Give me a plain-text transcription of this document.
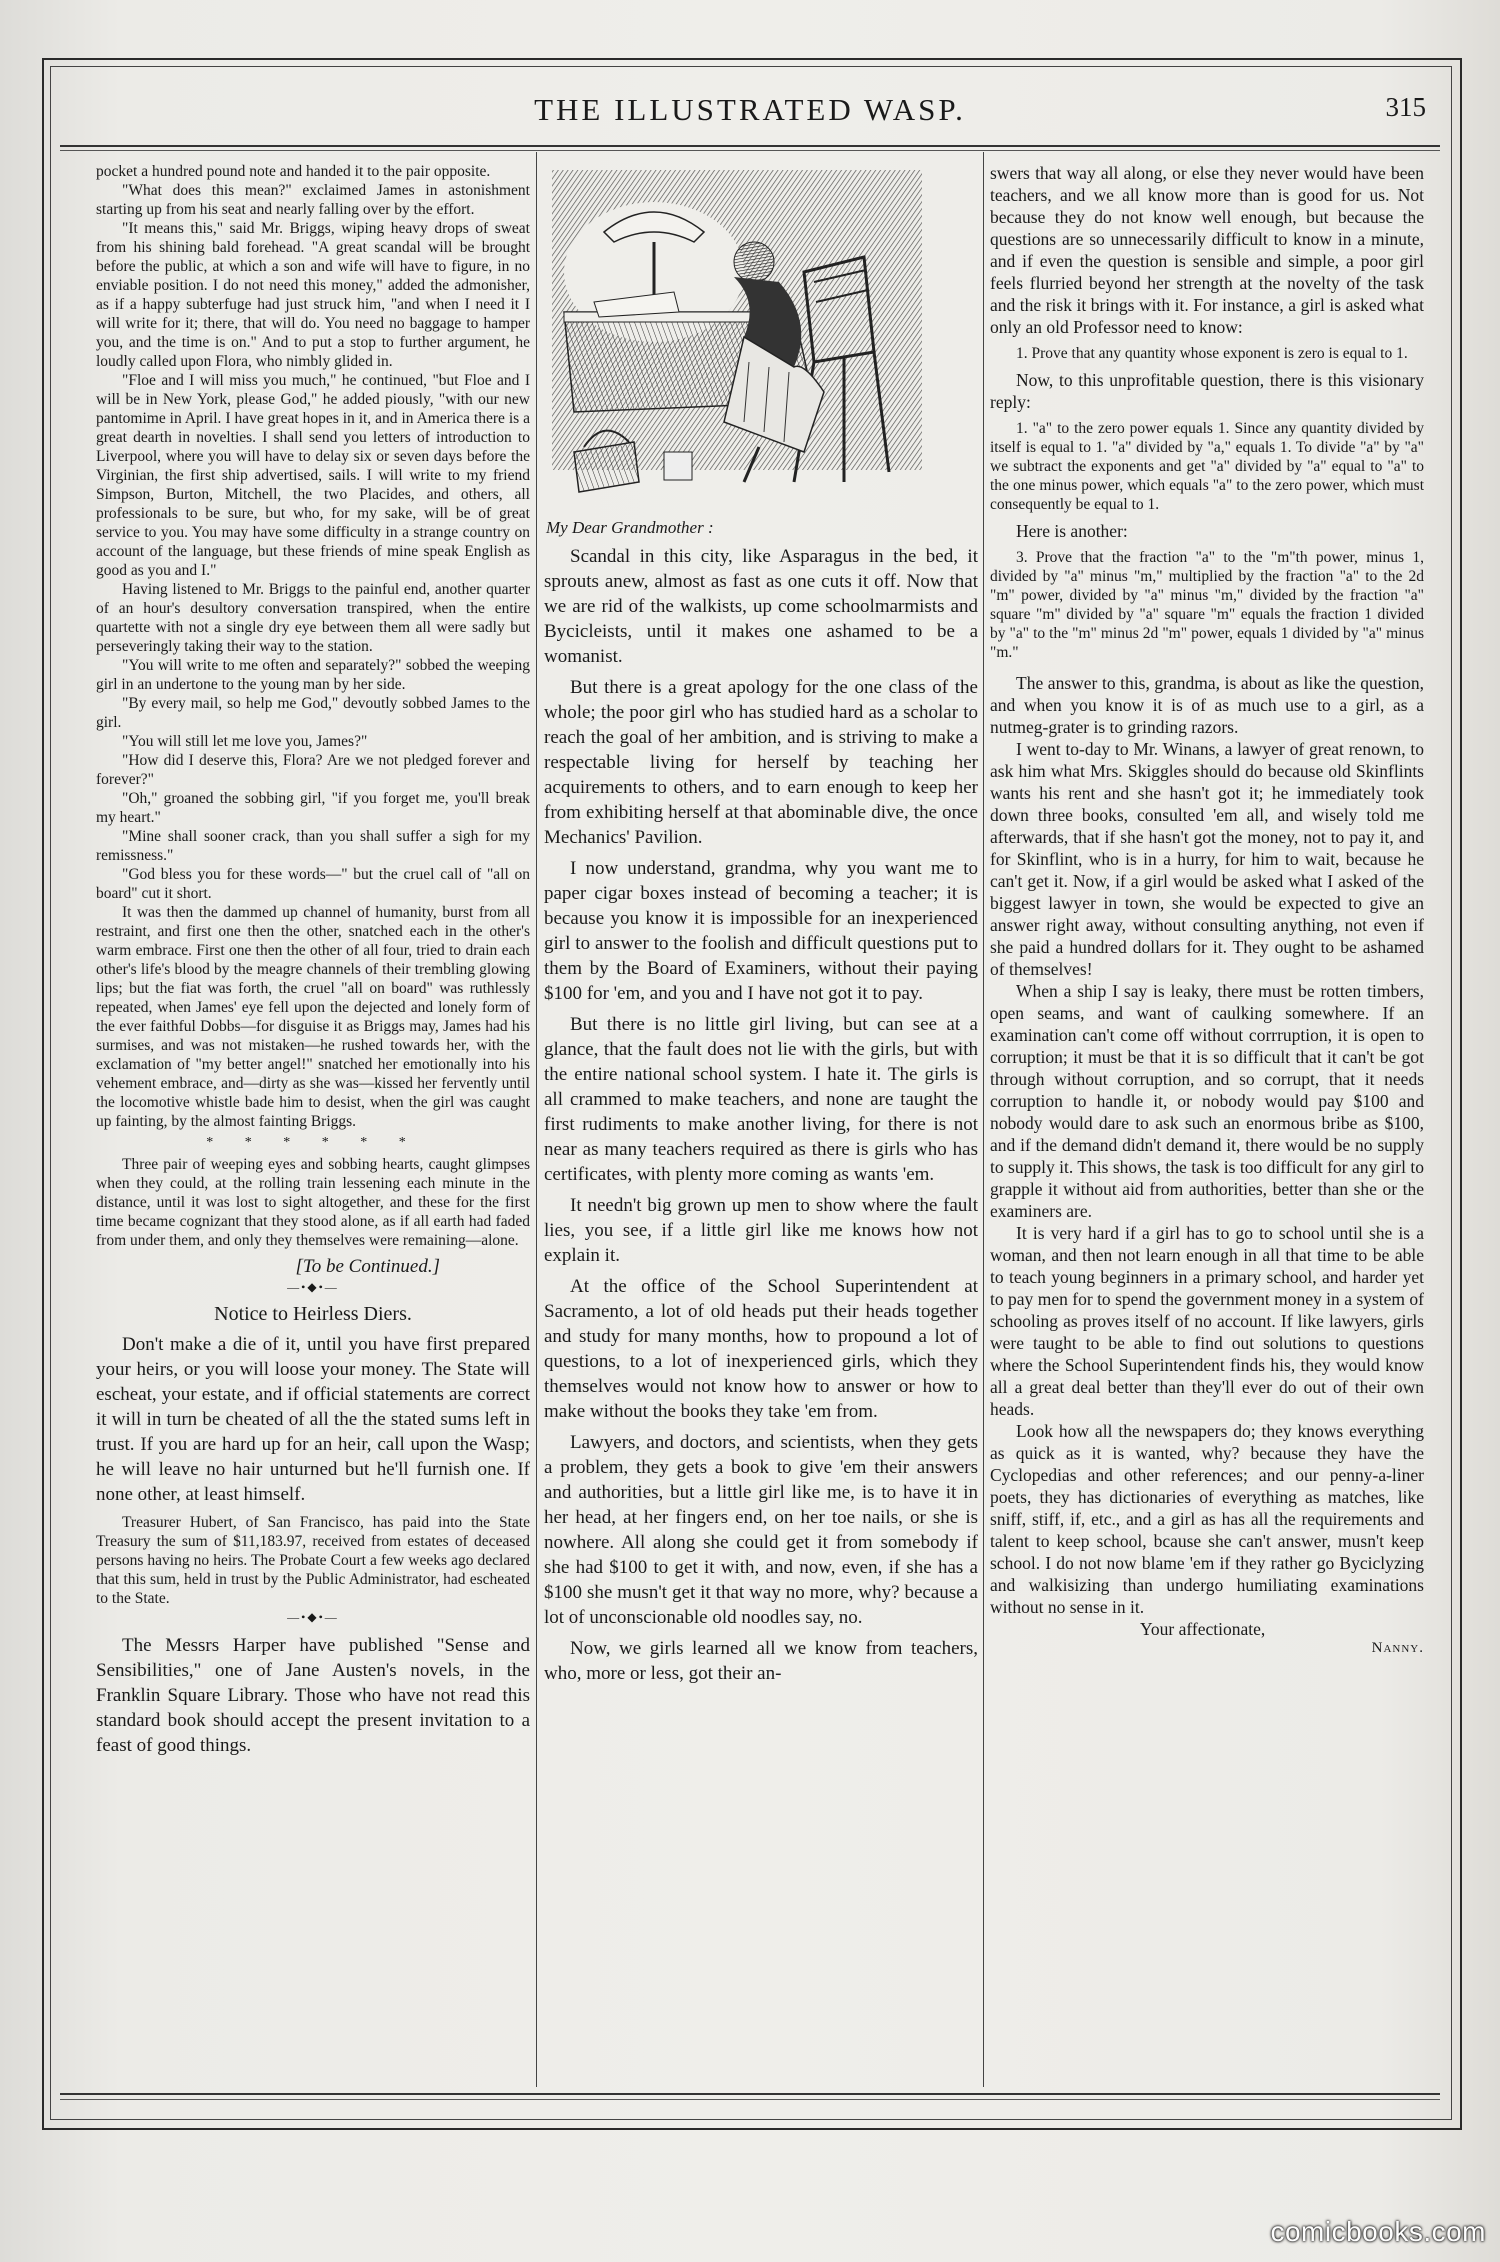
THE ILLUSTRATED WASP.	315

pocket a hundred pound note and handed it to the pair opposite.

"What does this mean?" exclaimed James in astonishment starting up from his seat and nearly falling over by the effort.

"It means this," said Mr. Briggs, wiping heavy drops of sweat from his shining bald forehead. "A great scandal will be brought before the public, at which a son and wife will have to figure, in no enviable position. I do not need this money," added the admonisher, as if a happy subterfuge had just struck him, "and when I need it I will write for it; there, that will do. You need no baggage to hamper you, and the time is on." And to put a stop to further argument, he loudly called upon Flora, who nimbly glided in.

"Floe and I will miss you much," he continued, "but Floe and I will be in New York, please God," he added piously, "with our new pantomime in April. I have great hopes in it, and in America there is a great dearth in novelties. I shall send you letters of introduction to Liverpool, where you will have to delay six or seven days before the Virginian, the first ship advertised, sails. I will write to my friend Simpson, Burton, Mitchell, the two Placides, and others, all professionals to be sure, but who, for my sake, will be of great service to you. You may have some difficulty in a strange country on account of the language, but these friends of mine speak English as good as you and I."

Having listened to Mr. Briggs to the painful end, another quarter of an hour's desultory conversation transpired, when the entire quartette with not a single dry eye between them all were sadly but perseveringly taking their way to the station.

"You will write to me often and separately?" sobbed the weeping girl in an undertone to the young man by her side.

"By every mail, so help me God," devoutly sobbed James to the girl.

"You will still let me love you, James?"

"How did I deserve this, Flora? Are we not pledged forever and forever?"

"Oh," groaned the sobbing girl, "if you forget me, you'll break my heart."

"Mine shall sooner crack, than you shall suffer a sigh for my remissness."

"God bless you for these words—" but the cruel call of "all on board" cut it short.

It was then the dammed up channel of humanity, burst from all restraint, and first one then the other, snatched each in the other's warm embrace. First one then the other of all four, tried to drain each other's life's blood by the meagre channels of their trembling glowing lips; but the fiat was forth, the cruel "all on board" was ruthlessly repeated, when James' eye fell upon the dejected and lonely form of the ever faithful Dobbs—for disguise it as Briggs may, James had his surmises, and was not mistaken—he rushed towards her, with the exclamation of "my better angel!" snatched her emotionally into his vehement embrace, and—dirty as she was—kissed her fervently until the locomotive whistle bade him to desist, when the girl was caught up fainting, by the almost fainting Briggs.

* * * * * *

Three pair of weeping eyes and sobbing hearts, caught glimpses when they could, at the rolling train lessening each minute in the distance, until it was lost to sight altogether, and these for the first time became cognizant that they stood alone, as if all earth had faded from under them, and only they themselves were remaining—alone.

[To be Continued.]
—•◆•—
Notice to Heirless Diers.

Don't make a die of it, until you have first prepared your heirs, or you will loose your money. The State will escheat, your estate, and if official statements are correct it will in turn be cheated of all the the stated sums left in trust. If you are hard up for an heir, call upon the Wasp; he will leave no hair unturned but he'll furnish one. If none other, at least himself.

Treasurer Hubert, of San Francisco, has paid into the State Treasury the sum of $11,183.97, received from estates of deceased persons having no heirs. The Probate Court a few weeks ago declared that this sum, held in trust by the Public Administrator, had escheated to the State.

—•◆•—

The Messrs Harper have published "Sense and Sensibilities," one of Jane Austen's novels, in the Franklin Square Library. Those who have not read this standard book should accept the present invitation to a feast of good things.

My Dear Grandmother :

Scandal in this city, like Asparagus in the bed, it sprouts anew, almost as fast as one cuts it off. Now that we are rid of the walkists, up come schoolmarmists and Bycicleists, until it makes one ashamed to be a womanist.

But there is a great apology for the one class of the whole; the poor girl who has studied hard as a scholar to reach the goal of her ambition, and is striving to make a respectable living for herself by teaching her acquirements to others, and to earn enough to keep her from exhibiting herself at that abominable dive, the once Mechanics' Pavilion.

I now understand, grandma, why you want me to paper cigar boxes instead of becoming a teacher; it is because you know it is impossible for an inexperienced girl to answer to the foolish and difficult questions put to them by the Board of Examiners, without their paying $100 for 'em, and you and I have not got it to pay.

But there is no little girl living, but can see at a glance, that the fault does not lie with the girls, but with the entire national school system. I hate it. The girls is all crammed to make teachers, and none are taught the first rudiments to make another living, for there is not near as many teachers required as there is girls who has certificates, with plenty more coming as wants 'em.

It needn't big grown up men to show where the fault lies, you see, if a little girl like me knows how not explain it.

At the office of the School Superintendent at Sacramento, a lot of old heads put their heads together and study for many months, how to propound a lot of questions, to a lot of inexperienced girls, which they themselves would not know how to answer or how to make without the books they take 'em from.

Lawyers, and doctors, and scientists, when they gets a problem, they gets a book to give 'em their answers and authorities, but a little girl like me, is to have it in her head, at her fingers end, on her toe nails, or she is nowhere. All along she could get it from somebody if she had $100 to get it with, and now, even, if she has a $100 she musn't get it that way no more, why? because a lot of unconscionable old noodles say, no.

Now, we girls learned all we know from teachers, who, more or less, got their an-

swers that way all along, or else they never would have been teachers, and we all know more than is good for us. Not because they do not know well enough, but because the questions are so unnecessarily difficult to know in a minute, and if even the question is sensible and simple, a poor girl feels flurried beyond her strength at the novelty of the task and the risk it brings with it. For instance, a girl is asked what only an old Professor need to know:

1. Prove that any quantity whose exponent is zero is equal to 1.

Now, to this unprofitable question, there is this visionary reply:

1. "a" to the zero power equals 1. Since any quantity divided by itself is equal to 1. "a" divided by "a," equals 1. To divide "a" by "a" we subtract the exponents and get "a" divided by "a" equal to "a" to the one minus power, which equals "a" to the zero power, which must consequently be equal to 1.

Here is another:

3. Prove that the fraction "a" to the "m"th power, minus 1, divided by "a" minus "m," multiplied by the fraction "a" to the 2d "m" power, divided by "a" minus "m," divided by the fraction "a" square "m" divided by "a" square "m" equals the fraction 1 divided by "a" to the "m" minus 2d "m" power, equals 1 divided by "a" minus "m."

The answer to this, grandma, is about as like the question, and when you know it is of as much use to a girl, as a nutmeg-grater is to grinding razors.

I went to-day to Mr. Winans, a lawyer of great renown, to ask him what Mrs. Skiggles should do because old Skinflints wants his rent and she hasn't got it; he immediately took down three books, consulted 'em all, and wisely told me afterwards, that if she hasn't got the money, not to pay it, and for Skinflint, who is in a hurry, for him to wait, because he can't get it. Now, if a girl would be asked what I asked of the biggest lawyer in town, she would be expected to give an answer right away, without consulting anything, not even if she paid a hundred dollars for it. They ought to be ashamed of themselves!

When a ship I say is leaky, there must be rotten timbers, open seams, and want of caulking somewhere. If an examination can't come off without corrruption, it is open to corruption; it must be that it is so difficult that it can't be got through without corruption, and so corrupt, that it needs corruption to handle it, or nobody would pay $100 and nobody would dare to ask such an enormous bribe as $100, and if the demand didn't demand it, there would be no supply to supply it. This shows, the task is too difficult for any girl to grapple it without aid from authorities, better than she or the examiners are.

It is very hard if a girl has to go to school until she is a woman, and then not learn enough in all that time to be able to teach young beginners in a primary school, and harder yet to pay men for to spend the government money in a system of schooling as proves itself of no account. If like lawyers, girls were taught to be able to find out solutions to questions where the School Superintendent finds his, they would know all a great deal better than they'll ever do out of their own heads.

Look how all the newspapers do; they knows everything as quick as it is wanted, why? because they have the Cyclopedias and other references; and our penny-a-liner poets, they has dictionaries of everything as matches, like sniff, stiff, if, etc., and a girl as has all the requirements and talent to keep school, bcause she can't answer, musn't keep school. I do not now blame 'em if they rather go Byciclyzing and walkisizing than undergo humiliating examinations without no sense in it.

Your affectionate,

Nanny.
comicbooks.com
